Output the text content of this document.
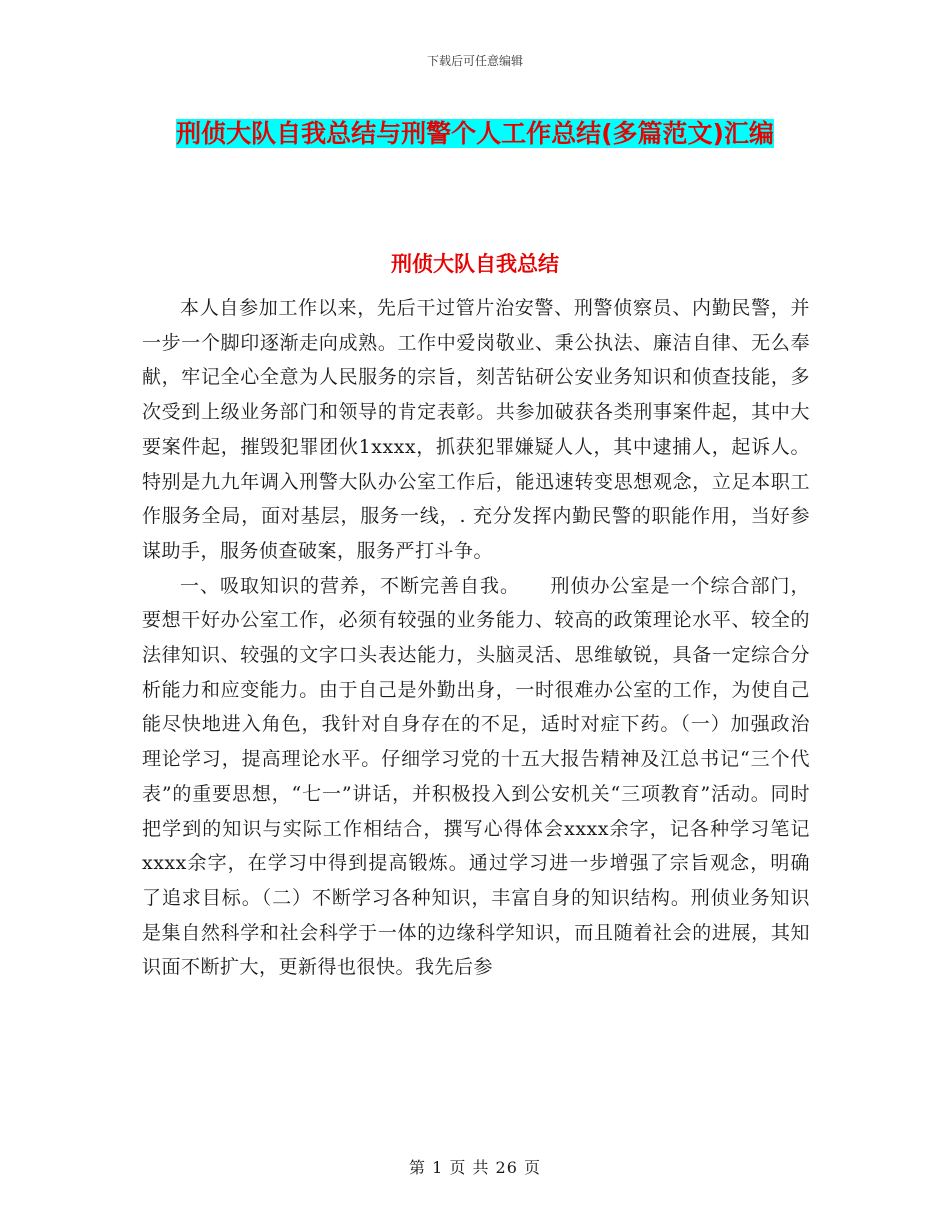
下载后可任意编辑
刑侦大队自我总结与刑警个人工作总结(多篇范文)汇编
刑侦大队自我总结

本人自参加工作以来，先后干过管片治安警、刑警侦察员、内勤民警，并一步一个脚印逐渐走向成熟。工作中爱岗敬业、秉公执法、廉洁自律、无么奉献，牢记全心全意为人民服务的宗旨，刻苦钻研公安业务知识和侦查技能，多次受到上级业务部门和领导的肯定表彰。共参加破获各类刑事案件起，其中大要案件起，摧毁犯罪团伙1xxxx，抓获犯罪嫌疑人人，其中逮捕人，起诉人。特别是九九年调入刑警大队办公室工作后，能迅速转变思想观念，立足本职工作服务全局，面对基层，服务一线，. 充分发挥内勤民警的职能作用，当好参谋助手，服务侦查破案，服务严打斗争。

一、吸取知识的营养，不断完善自我。　　刑侦办公室是一个综合部门，要想干好办公室工作，必须有较强的业务能力、较高的政策理论水平、较全的法律知识、较强的文字口头表达能力，头脑灵活、思维敏锐，具备一定综合分析能力和应变能力。由于自己是外勤出身，一时很难办公室的工作，为使自己能尽快地进入角色，我针对自身存在的不足，适时对症下药。（一）加强政治理论学习，提高理论水平。仔细学习党的十五大报告精神及江总书记“三个代表”的重要思想，“七一”讲话，并积极投入到公安机关“三项教育”活动。同时把学到的知识与实际工作相结合，撰写心得体会xxxx余字，记各种学习笔记xxxx余字，在学习中得到提高锻炼。通过学习进一步增强了宗旨观念，明确了追求目标。（二）不断学习各种知识，丰富自身的知识结构。刑侦业务知识是集自然科学和社会科学于一体的边缘科学知识，而且随着社会的进展，其知识面不断扩大，更新得也很快。我先后参

第 1 页 共 26 页
